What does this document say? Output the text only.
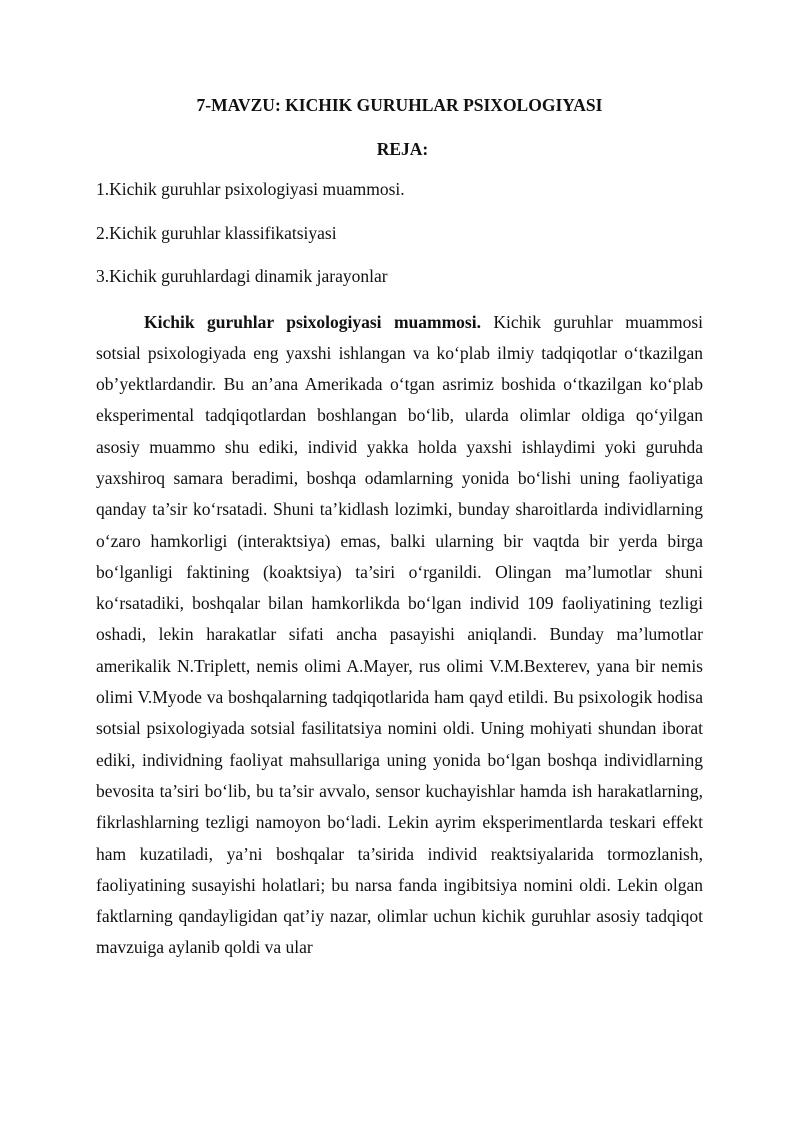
7-MAVZU: KICHIK GURUHLAR PSIXOLOGIYASI
REJA:
1.Kichik guruhlar psixologiyasi muammosi.
2.Kichik guruhlar klassifikatsiyasi
3.Kichik guruhlardagi dinamik jarayonlar

Kichik guruhlar psixologiyasi muammosi. Kichik guruhlar muammosi sotsial psixologiyada eng yaxshi ishlangan va ko‘plab ilmiy tadqiqotlar o‘tkazilgan ob’yektlardandir. Bu an’ana Amerikada o‘tgan asrimiz boshida o‘tkazilgan ko‘plab eksperimental tadqiqotlardan boshlangan bo‘lib, ularda olimlar oldiga qo‘yilgan asosiy muammo shu ediki, individ yakka holda yaxshi ishlaydimi yoki guruhda yaxshiroq samara beradimi, boshqa odamlarning yonida bo‘lishi uning faoliyatiga qanday ta’sir ko‘rsatadi. Shuni ta’kidlash lozimki, bunday sharoitlarda individlarning o‘zaro hamkorligi (interaktsiya) emas, balki ularning bir vaqtda bir yerda birga bo‘lganligi faktining (koaktsiya) ta’siri o‘rganildi. Olingan ma’lumotlar shuni ko‘rsatadiki, boshqalar bilan hamkorlikda bo‘lgan individ 109 faoliyatining tezligi oshadi, lekin harakatlar sifati ancha pasayishi aniqlandi. Bunday ma’lumotlar amerikalik N.Triplett, nemis olimi A.Mayer, rus olimi V.M.Bexterev, yana bir nemis olimi V.Myode va boshqalarning tadqiqotlarida ham qayd etildi. Bu psixologik hodisa sotsial psixologiyada sotsial fasilitatsiya nomini oldi. Uning mohiyati shundan iborat ediki, individning faoliyat mahsullariga uning yonida bo‘lgan boshqa individlarning bevosita ta’siri bo‘lib, bu ta’sir avvalo, sensor kuchayishlar hamda ish harakatlarning, fikrlashlarning tezligi namoyon bo‘ladi. Lekin ayrim eksperimentlarda teskari effekt ham kuzatiladi, ya’ni boshqalar ta’sirida individ reaktsiyalarida tormozlanish, faoliyatining susayishi holatlari; bu narsa fanda ingibitsiya nomini oldi. Lekin olgan faktlarning qandayligidan qat’iy nazar, olimlar uchun kichik guruhlar asosiy tadqiqot mavzuiga aylanib qoldi va ular
